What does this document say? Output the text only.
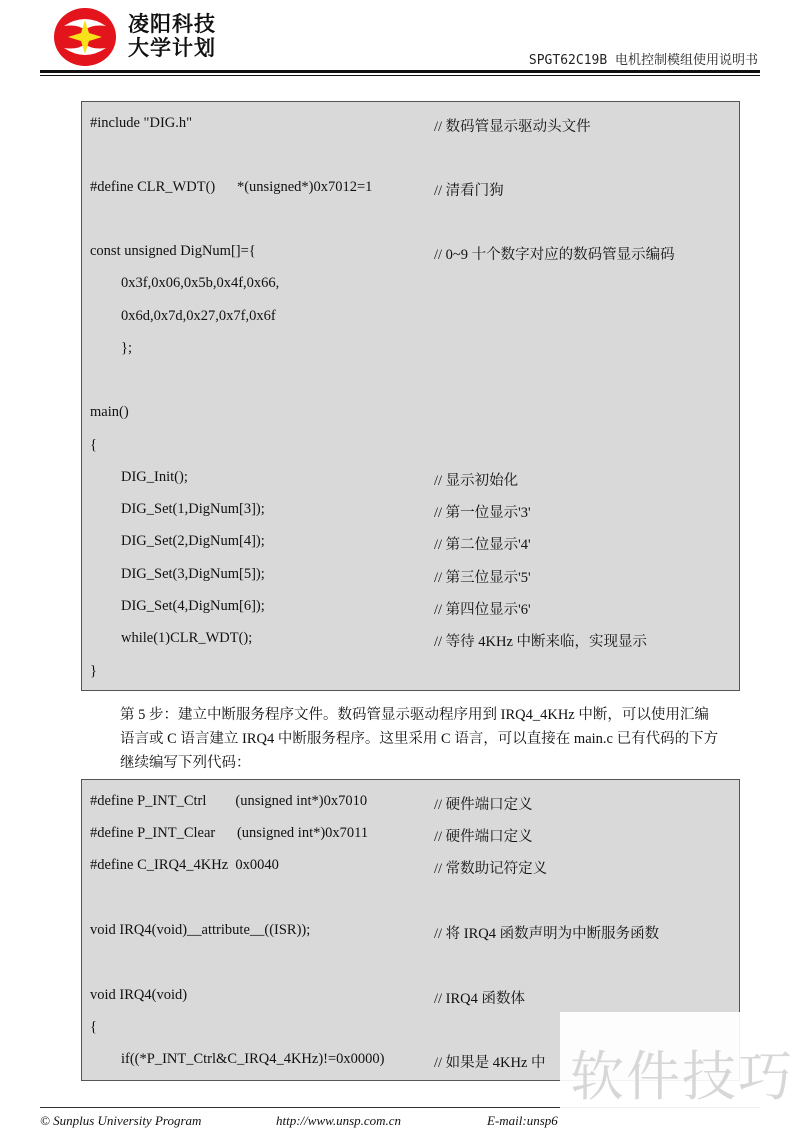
凌阳科技
大学计划
SPGT62C19B 电机控制模组使用说明书
#include "DIG.h"	// 数码管显示驱动头文件
#define CLR_WDT()      *(unsigned*)0x7012=1	// 清看门狗
const unsigned DigNum[]={	// 0~9 十个数字对应的数码管显示编码
0x3f,0x06,0x5b,0x4f,0x66,
0x6d,0x7d,0x27,0x7f,0x6f
};
main()
{
DIG_Init();	// 显示初始化
DIG_Set(1,DigNum[3]);	// 第一位显示'3'
DIG_Set(2,DigNum[4]);	// 第二位显示'4'
DIG_Set(3,DigNum[5]);	// 第三位显示'5'
DIG_Set(4,DigNum[6]);	// 第四位显示'6'
while(1)CLR_WDT();	// 等待 4KHz 中断来临，实现显示
}
第 5 步：建立中断服务程序文件。数码管显示驱动程序用到 IRQ4_4KHz 中断，可以使用汇编
语言或 C 语言建立 IRQ4 中断服务程序。这里采用 C 语言，可以直接在 main.c 已有代码的下方
继续编写下列代码：
#define P_INT_Ctrl        (unsigned int*)0x7010	// 硬件端口定义
#define P_INT_Clear      (unsigned int*)0x7011	// 硬件端口定义
#define C_IRQ4_4KHz  0x0040	// 常数助记符定义
void IRQ4(void)__attribute__((ISR));	// 将 IRQ4 函数声明为中断服务函数
void IRQ4(void)	// IRQ4 函数体
{
if((*P_INT_Ctrl&C_IRQ4_4KHz)!=0x0000)	// 如果是 4KHz 中
© Sunplus University Program	http://www.unsp.com.cn	E-mail:unsp6
软件技巧
